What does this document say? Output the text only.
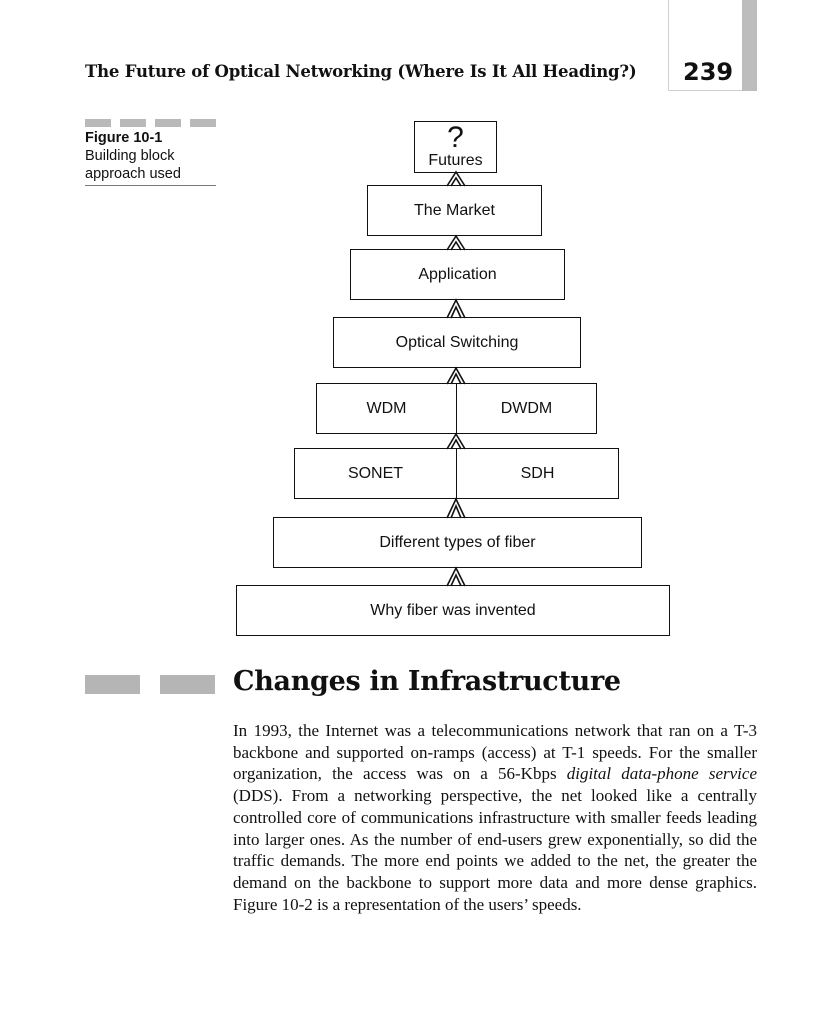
The Future of Optical Networking (Where Is It All Heading?) 239
Figure 10-1
Building block approach used
?
Futures
The Market
Application
Optical Switching
WDM	DWDM
SONET	SDH
Different types of fiber
Why fiber was invented
Changes in Infrastructure

In 1993, the Internet was a telecommunications network that ran on a T-3 backbone and supported on-ramps (access) at T-1 speeds. For the smaller organization, the access was on a 56-Kbps digital data-phone service (DDS). From a networking perspective, the net looked like a centrally controlled core of communications infrastructure with smaller feeds leading into larger ones. As the number of end-users grew exponentially, so did the traffic demands. The more end points we added to the net, the greater the demand on the backbone to support more data and more dense graphics. Figure 10-2 is a representation of the users’ speeds.
